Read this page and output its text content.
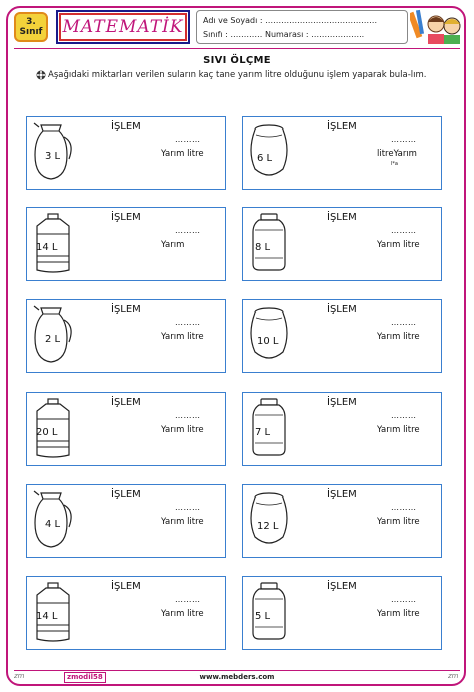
3.
Sınıf MATEMATİK Adı ve Soyadı : ……………………………………
Sınıfı : ………… Numarası : ………………..
SIVI ÖLÇME
Aşağıdaki miktarları verilen suların kaç tane yarım litre olduğunu işlem yaparak bula-lım.
3 L
İŞLEM
………
Yarım litre	6 L
İŞLEM
………
litreYarım
l*a
14 L
İŞLEM
………
Yarım	8 L
İŞLEM
………
Yarım litre
2 L
İŞLEM
………
Yarım litre	10 L
İŞLEM
………
Yarım litre
20 L
İŞLEM
………
Yarım litre	7 L
İŞLEM
………
Yarım litre
4 L
İŞLEM
………
Yarım litre	12 L
İŞLEM
………
Yarım litre
14 L
İŞLEM
………
Yarım litre	5 L
İŞLEM
………
Yarım litre
zm	zmodil58	www.mebders.com	zm
